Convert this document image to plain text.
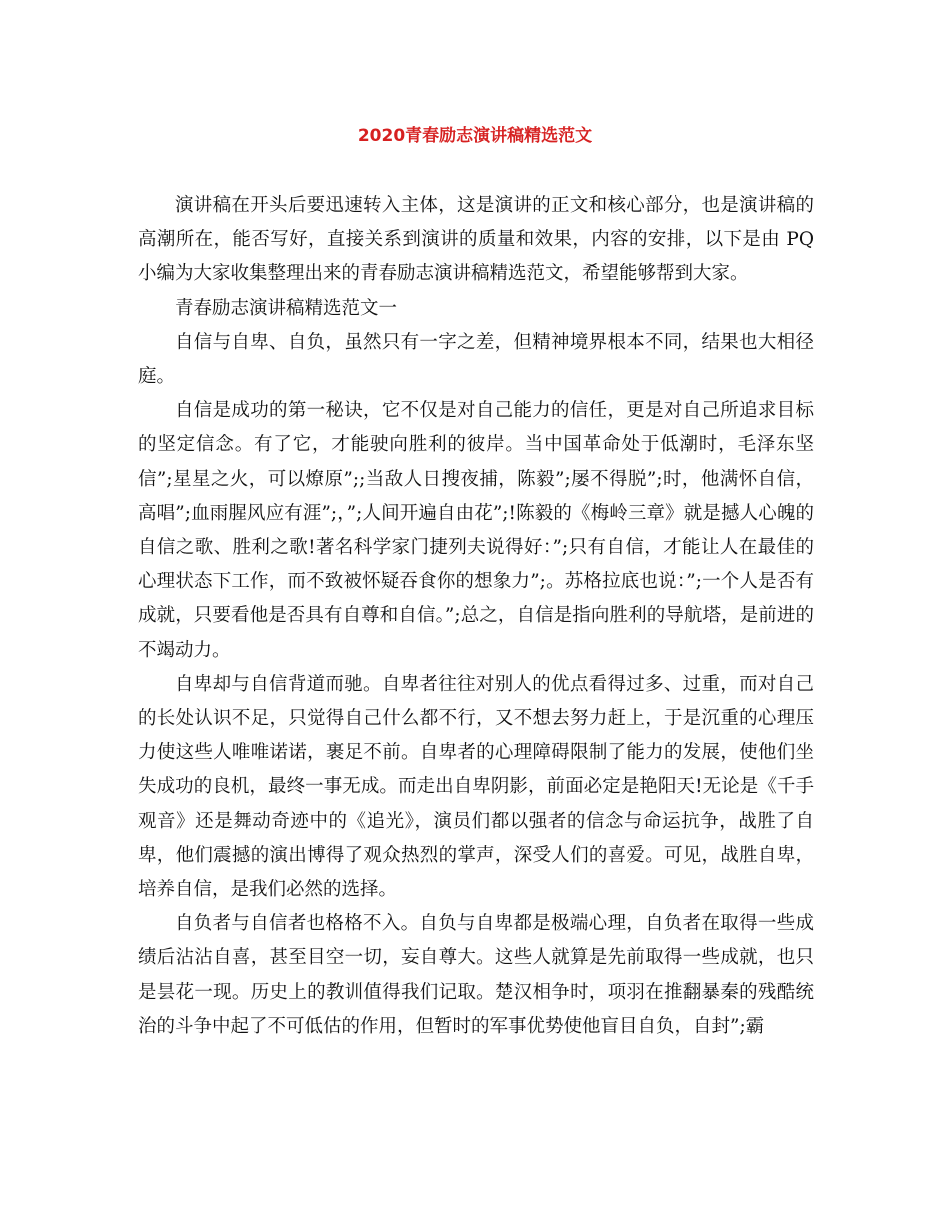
2020青春励志演讲稿精选范文

演讲稿在开头后要迅速转入主体，这是演讲的正文和核心部分，也是演讲稿的高潮所在，能否写好，直接关系到演讲的质量和效果，内容的安排，以下是由 PQ 小编为大家收集整理出来的青春励志演讲稿精选范文，希望能够帮到大家。

青春励志演讲稿精选范文一

自信与自卑、自负，虽然只有一字之差，但精神境界根本不同，结果也大相径庭。

自信是成功的第一秘诀，它不仅是对自己能力的信任，更是对自己所追求目标的坚定信念。有了它，才能驶向胜利的彼岸。当中国革命处于低潮时，毛泽东坚信”;星星之火，可以燎原”;;当敌人日搜夜捕，陈毅”;屡不得脱”;时，他满怀自信，高唱”;血雨腥风应有涯”;，”;人间开遍自由花”;!陈毅的《梅岭三章》就是撼人心魄的自信之歌、胜利之歌!著名科学家门捷列夫说得好：”;只有自信，才能让人在最佳的心理状态下工作，而不致被怀疑吞食你的想象力”;。苏格拉底也说：”;一个人是否有成就，只要看他是否具有自尊和自信。”;总之，自信是指向胜利的导航塔，是前进的不竭动力。

自卑却与自信背道而驰。自卑者往往对别人的优点看得过多、过重，而对自己的长处认识不足，只觉得自己什么都不行，又不想去努力赶上，于是沉重的心理压力使这些人唯唯诺诺，裹足不前。自卑者的心理障碍限制了能力的发展，使他们坐失成功的良机，最终一事无成。而走出自卑阴影，前面必定是艳阳天!无论是《千手观音》还是舞动奇迹中的《追光》，演员们都以强者的信念与命运抗争，战胜了自卑，他们震撼的演出博得了观众热烈的掌声，深受人们的喜爱。可见，战胜自卑，培养自信，是我们必然的选择。

自负者与自信者也格格不入。自负与自卑都是极端心理，自负者在取得一些成绩后沾沾自喜，甚至目空一切，妄自尊大。这些人就算是先前取得一些成就，也只是昙花一现。历史上的教训值得我们记取。楚汉相争时，项羽在推翻暴秦的残酷统治的斗争中起了不可低估的作用，但暂时的军事优势使他盲目自负，自封”;霸
